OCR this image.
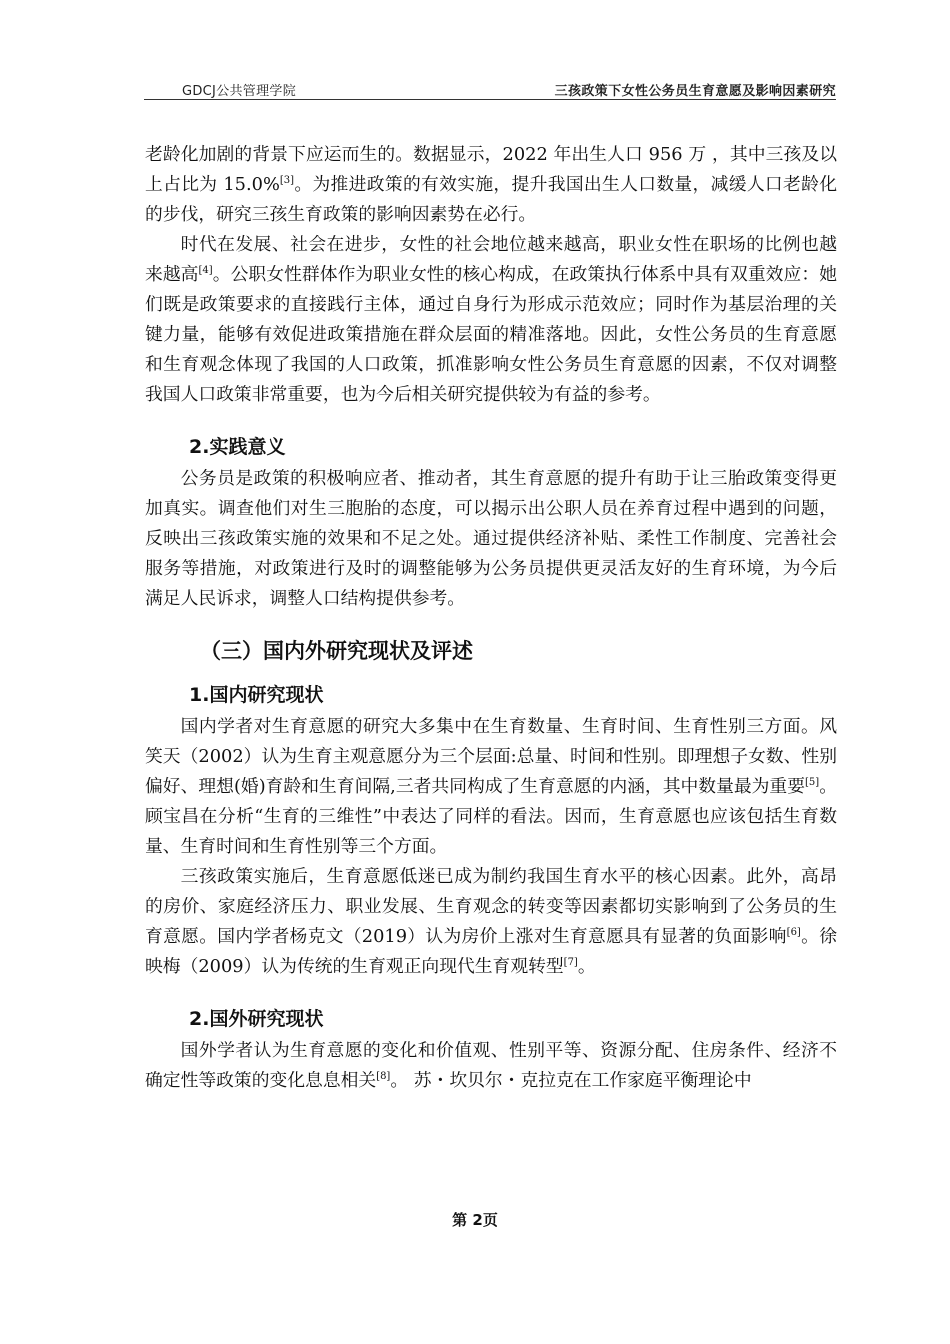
GDCJ公共管理学院	三孩政策下女性公务员生育意愿及影响因素研究

老龄化加剧的背景下应运而生的。数据显示，2022 年出生人口 956 万 ，其中三孩及以上占比为 15.0%[3]。为推进政策的有效实施，提升我国出生人口数量，减缓人口老龄化的步伐，研究三孩生育政策的影响因素势在必行。

时代在发展、社会在进步，女性的社会地位越来越高，职业女性在职场的比例也越来越高[4]。公职女性群体作为职业女性的核心构成，在政策执行体系中具有双重效应：她们既是政策要求的直接践行主体，通过自身行为形成示范效应；同时作为基层治理的关键力量，能够有效促进政策措施在群众层面的精准落地。因此，女性公务员的生育意愿和生育观念体现了我国的人口政策，抓准影响女性公务员生育意愿的因素，不仅对调整我国人口政策非常重要，也为今后相关研究提供较为有益的参考。

2.实践意义

公务员是政策的积极响应者、推动者，其生育意愿的提升有助于让三胎政策变得更加真实。调查他们对生三胞胎的态度，可以揭示出公职人员在养育过程中遇到的问题，反映出三孩政策实施的效果和不足之处。通过提供经济补贴、柔性工作制度、完善社会服务等措施，对政策进行及时的调整能够为公务员提供更灵活友好的生育环境，为今后满足人民诉求，调整人口结构提供参考。

（三）国内外研究现状及评述
1.国内研究现状

国内学者对生育意愿的研究大多集中在生育数量、生育时间、生育性别三方面。风笑天（2002）认为生育主观意愿分为三个层面:总量、时间和性别。即理想子女数、性别偏好、理想(婚)育龄和生育间隔,三者共同构成了生育意愿的内涵，其中数量最为重要[5]。顾宝昌在分析“生育的三维性”中表达了同样的看法。因而，生育意愿也应该包括生育数量、生育时间和生育性别等三个方面。

三孩政策实施后，生育意愿低迷已成为制约我国生育水平的核心因素。此外，高昂的房价、家庭经济压力、职业发展、生育观念的转变等因素都切实影响到了公务员的生育意愿。国内学者杨克文（2019）认为房价上涨对生育意愿具有显著的负面影响[6]。徐映梅（2009）认为传统的生育观正向现代生育观转型[7]。

2.国外研究现状

国外学者认为生育意愿的变化和价值观、性别平等、资源分配、住房条件、经济不确定性等政策的变化息息相关[8]。 苏・坎贝尔・克拉克在工作家庭平衡理论中

第 2页
